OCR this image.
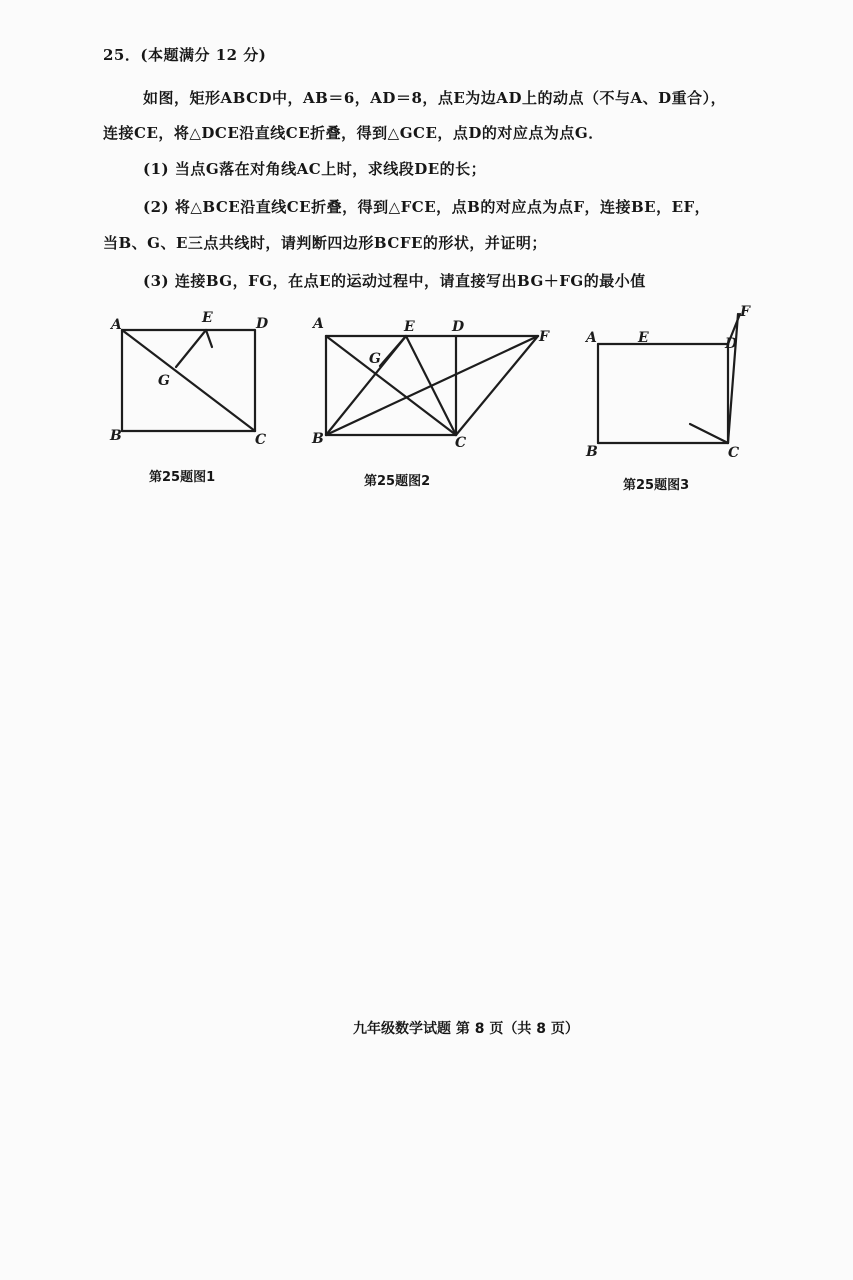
25．(本题满分 12 分)
如图，矩形ABCD中，AB＝6，AD＝8，点E为边AD上的动点（不与A、D重合），
连接CE，将△DCE沿直线CE折叠，得到△GCE，点D的对应点为点G．
(1) 当点G落在对角线AC上时，求线段DE的长；
(2) 将△BCE沿直线CE折叠，得到△FCE，点B的对应点为点F，连接BE，EF，
当B、G、E三点共线时，请判断四边形BCFE的形状，并证明；
(3) 连接BG，FG，在点E的运动过程中，请直接写出BG＋FG的最小值
A	E	D
G
B	C
第25题图1
A	E	D
F
G
B	C
第25题图2
A	E	D
F
B	C
第25题图3
九年级数学试题 第 8 页（共 8 页）
